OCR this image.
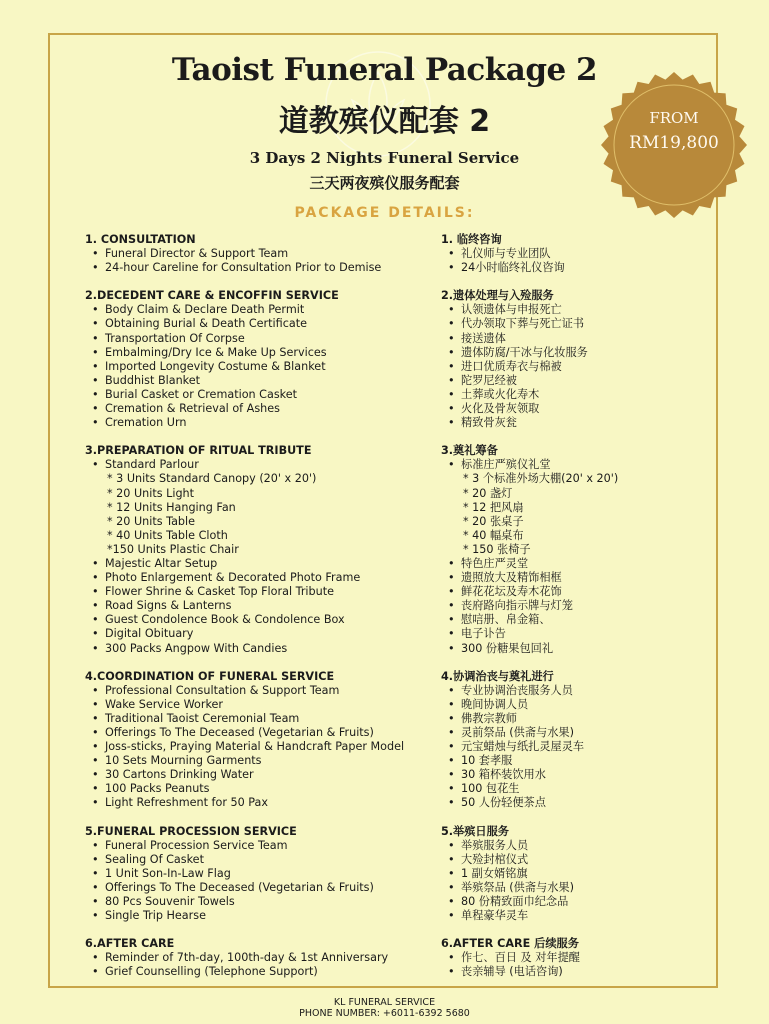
Taoist Funeral Package 2
道教殡仪配套 2
3 Days 2 Nights Funeral Service
三天两夜殡仪服务配套
PACKAGE DETAILS:
FROM
RM19,800
1. CONSULTATION
• Funeral Director & Support Team
• 24-hour Careline for Consultation Prior to Demise
2.DECEDENT CARE & ENCOFFIN SERVICE
• Body Claim & Declare Death Permit
• Obtaining Burial & Death Certificate
• Transportation Of Corpse
• Embalming/Dry Ice & Make Up Services
• Imported Longevity Costume & Blanket
• Buddhist Blanket
• Burial Casket or Cremation Casket
• Cremation & Retrieval of Ashes
• Cremation Urn
3.PREPARATION OF RITUAL TRIBUTE
• Standard Parlour
* 3 Units Standard Canopy (20' x 20')
* 20 Units Light
* 12 Units Hanging Fan
* 20 Units Table
* 40 Units Table Cloth
*150 Units Plastic Chair
• Majestic Altar Setup
• Photo Enlargement & Decorated Photo Frame
• Flower Shrine & Casket Top Floral Tribute
• Road Signs & Lanterns
• Guest Condolence Book & Condolence Box
• Digital Obituary
• 300 Packs Angpow With Candies
4.COORDINATION OF FUNERAL SERVICE
• Professional Consultation & Support Team
• Wake Service Worker
• Traditional Taoist Ceremonial Team
• Offerings To The Deceased (Vegetarian & Fruits)
• Joss-sticks, Praying Material & Handcraft Paper Model
• 10 Sets Mourning Garments
• 30 Cartons Drinking Water
• 100 Packs Peanuts
• Light Refreshment for 50 Pax
5.FUNERAL PROCESSION SERVICE
• Funeral Procession Service Team
• Sealing Of Casket
• 1 Unit Son-In-Law Flag
• Offerings To The Deceased (Vegetarian & Fruits)
• 80 Pcs Souvenir Towels
• Single Trip Hearse
6.AFTER CARE
• Reminder of 7th-day, 100th-day & 1st Anniversary
• Grief Counselling (Telephone Support)
1. 临终咨询
• 礼仪师与专业团队
• 24小时临终礼仪咨询
2.遗体处理与入殓服务
• 认领遗体与申报死亡
• 代办领取下葬与死亡证书
• 接送遗体
• 遗体防腐/干冰与化妆服务
• 进口优质寿衣与棉被
• 陀罗尼经被
• 土葬或火化寿木
• 火化及骨灰领取
• 精致骨灰瓮
3.奠礼筹备
• 标准庄严殡仪礼堂
* 3 个标准外场大棚(20' x 20')
* 20 盏灯
* 12 把风扇
* 20 张桌子
* 40 幅桌布
* 150 张椅子
• 特色庄严灵堂
• 遗照放大及精饰相框
• 鲜花花坛及寿木花饰
• 丧府路向指示牌与灯笼
• 慰唁册、帛金箱、
• 电子讣告
• 300 份糖果包回礼
4.协调治丧与奠礼进行
• 专业协调治丧服务人员
• 晚间协调人员
• 佛教宗教师
• 灵前祭品 (供斋与水果)
• 元宝蜡烛与纸扎灵屋灵车
• 10 套孝服
• 30 箱杯装饮用水
• 100 包花生
• 50 人份轻便茶点
5.举殡日服务
• 举殡服务人员
• 大殓封棺仪式
• 1 副女婿铭旗
• 举殡祭品 (供斋与水果)
• 80 份精致面巾纪念品
• 单程豪华灵车
6.AFTER CARE 后续服务
• 作七、百日 及 对年提醒
• 丧亲辅导 (电话咨询)
KL FUNERAL SERVICE
PHONE NUMBER: +6011-6392 5680
